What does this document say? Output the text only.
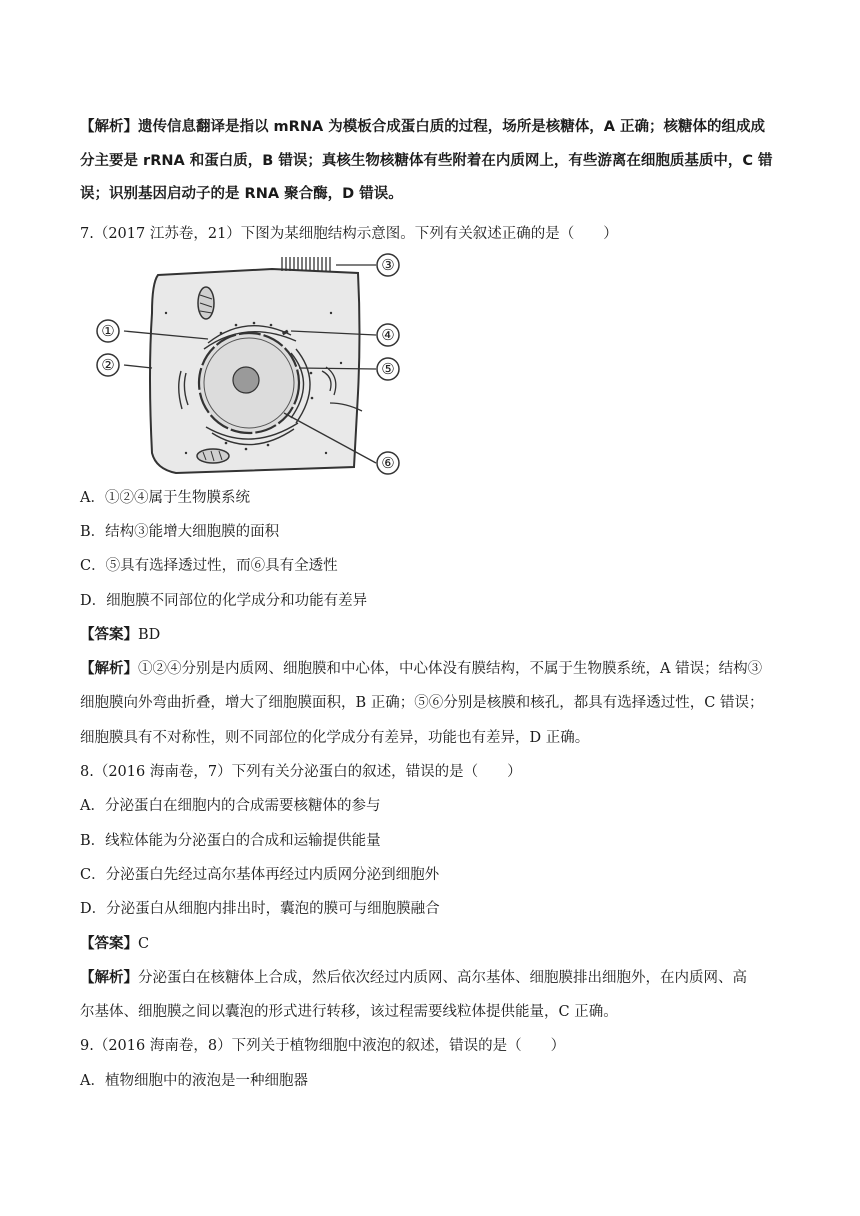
【解析】遗传信息翻译是指以 mRNA 为模板合成蛋白质的过程，场所是核糖体，A 正确；核糖体的组成成
分主要是 rRNA 和蛋白质，B 错误；真核生物核糖体有些附着在内质网上，有些游离在细胞质基质中，C 错
误；识别基因启动子的是 RNA 聚合酶，D 错误。
7.（2017 江苏卷，21）下图为某细胞结构示意图。下列有关叙述正确的是（　　）
①
②
③
④
⑤
⑥
A．①②④属于生物膜系统
B．结构③能增大细胞膜的面积
C．⑤具有选择透过性，而⑥具有全透性
D．细胞膜不同部位的化学成分和功能有差异
【答案】BD
【解析】①②④分别是内质网、细胞膜和中心体，中心体没有膜结构，不属于生物膜系统，A 错误；结构③
细胞膜向外弯曲折叠，增大了细胞膜面积，B 正确；⑤⑥分别是核膜和核孔，都具有选择透过性，C 错误；
细胞膜具有不对称性，则不同部位的化学成分有差异，功能也有差异，D 正确。
8.（2016 海南卷，7）下列有关分泌蛋白的叙述，错误的是（　　）
A．分泌蛋白在细胞内的合成需要核糖体的参与
B．线粒体能为分泌蛋白的合成和运输提供能量
C．分泌蛋白先经过高尔基体再经过内质网分泌到细胞外
D．分泌蛋白从细胞内排出时，囊泡的膜可与细胞膜融合
【答案】C
【解析】分泌蛋白在核糖体上合成，然后依次经过内质网、高尔基体、细胞膜排出细胞外，在内质网、高
尔基体、细胞膜之间以囊泡的形式进行转移，该过程需要线粒体提供能量，C 正确。
9.（2016 海南卷，8）下列关于植物细胞中液泡的叙述，错误的是（　　）
A．植物细胞中的液泡是一种细胞器
